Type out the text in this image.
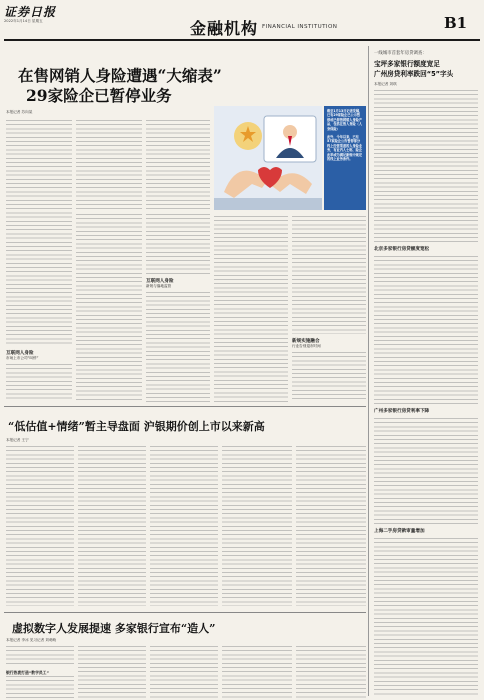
证券日报
2022年1月14日 星期五	金融机构 FINANCIAL INSTITUTION	B1
在售网销人身险遭遇“大缩表”
29家险企已暂停业务
本报记者 苏向杲	截至1月13日记者发稿，已有29家险企已公示暂停或已停售网销人身险产品，包括在售人身险（人身保险）
此外，今年以来，已有57家险企公告暂停部分线上经营渠道的人身险业务，有业内人士称，险企此举或为满足新规中规定的线上业务条件。
互联网人身险
市场上市公司“叫停”
互联网人身险
新规与落地监管
新规实施融合
行业告别退市时间
“低估值+情绪”暂主导盘面 沪银期价创上市以来新高
本报记者 王宁
虚拟数字人发展提速 多家银行宣布“造人”
本报记者 李冰 见习记者 刘萌萌
银行热衷打造“数字员工”
一线城市首套年房贷调查：
宝坪多家银行额度宽足
广州房贷利率跌回“5”字头
本报记者 刘琪
北京多家银行房贷额度宽松
广州多家银行房贷利率下降
上海二手房贷款审量增加
